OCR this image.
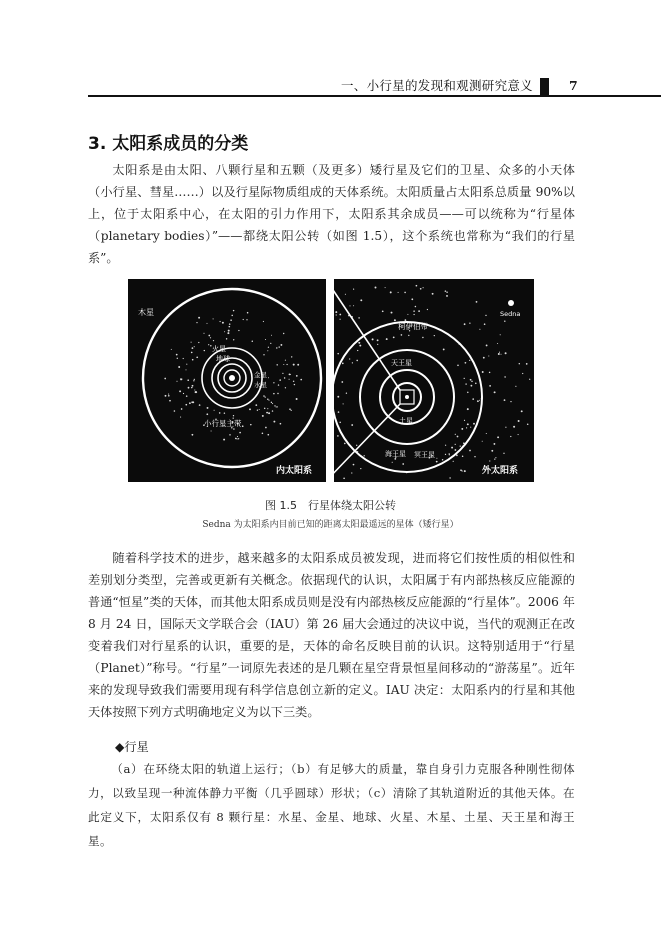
一、小行星的发现和观测研究意义	7
3. 太阳系成员的分类

太阳系是由太阳、八颗行星和五颗（及更多）矮行星及它们的卫星、众多的小天体（小行星、彗星……）以及行星际物质组成的天体系统。太阳质量占太阳系总质量 90%以上，位于太阳系中心，在太阳的引力作用下，太阳系其余成员——可以统称为“行星体（planetary bodies）”——都绕太阳公转（如图 1.5），这个系统也常称为“我们的行星系”。

木星
火星
地球
金星
水星
小行星主带
内太阳系
Sedna
柯伊伯带
天王星
土星
海王星 冥王星
外太阳系

图 1.5　行星体绕太阳公转

Sedna 为太阳系内目前已知的距离太阳最遥远的星体（矮行星）

随着科学技术的进步，越来越多的太阳系成员被发现，进而将它们按性质的相似性和差别划分类型，完善或更新有关概念。依据现代的认识，太阳属于有内部热核反应能源的普通“恒星”类的天体，而其他太阳系成员则是没有内部热核反应能源的“行星体”。2006 年 8 月 24 日，国际天文学联合会（IAU）第 26 届大会通过的决议中说，当代的观测正在改变着我们对行星系的认识，重要的是，天体的命名反映目前的认识。这特别适用于“行星（Planet）”称号。“行星”一词原先表述的是几颗在星空背景恒星间移动的“游荡星”。近年来的发现导致我们需要用现有科学信息创立新的定义。IAU 决定：太阳系内的行星和其他天体按照下列方式明确地定义为以下三类。

◆行星

（a）在环绕太阳的轨道上运行；（b）有足够大的质量，靠自身引力克服各种刚性彻体力，以致呈现一种流体静力平衡（几乎圆球）形状；（c）清除了其轨道附近的其他天体。在此定义下，太阳系仅有 8 颗行星：水星、金星、地球、火星、木星、土星、天王星和海王星。
